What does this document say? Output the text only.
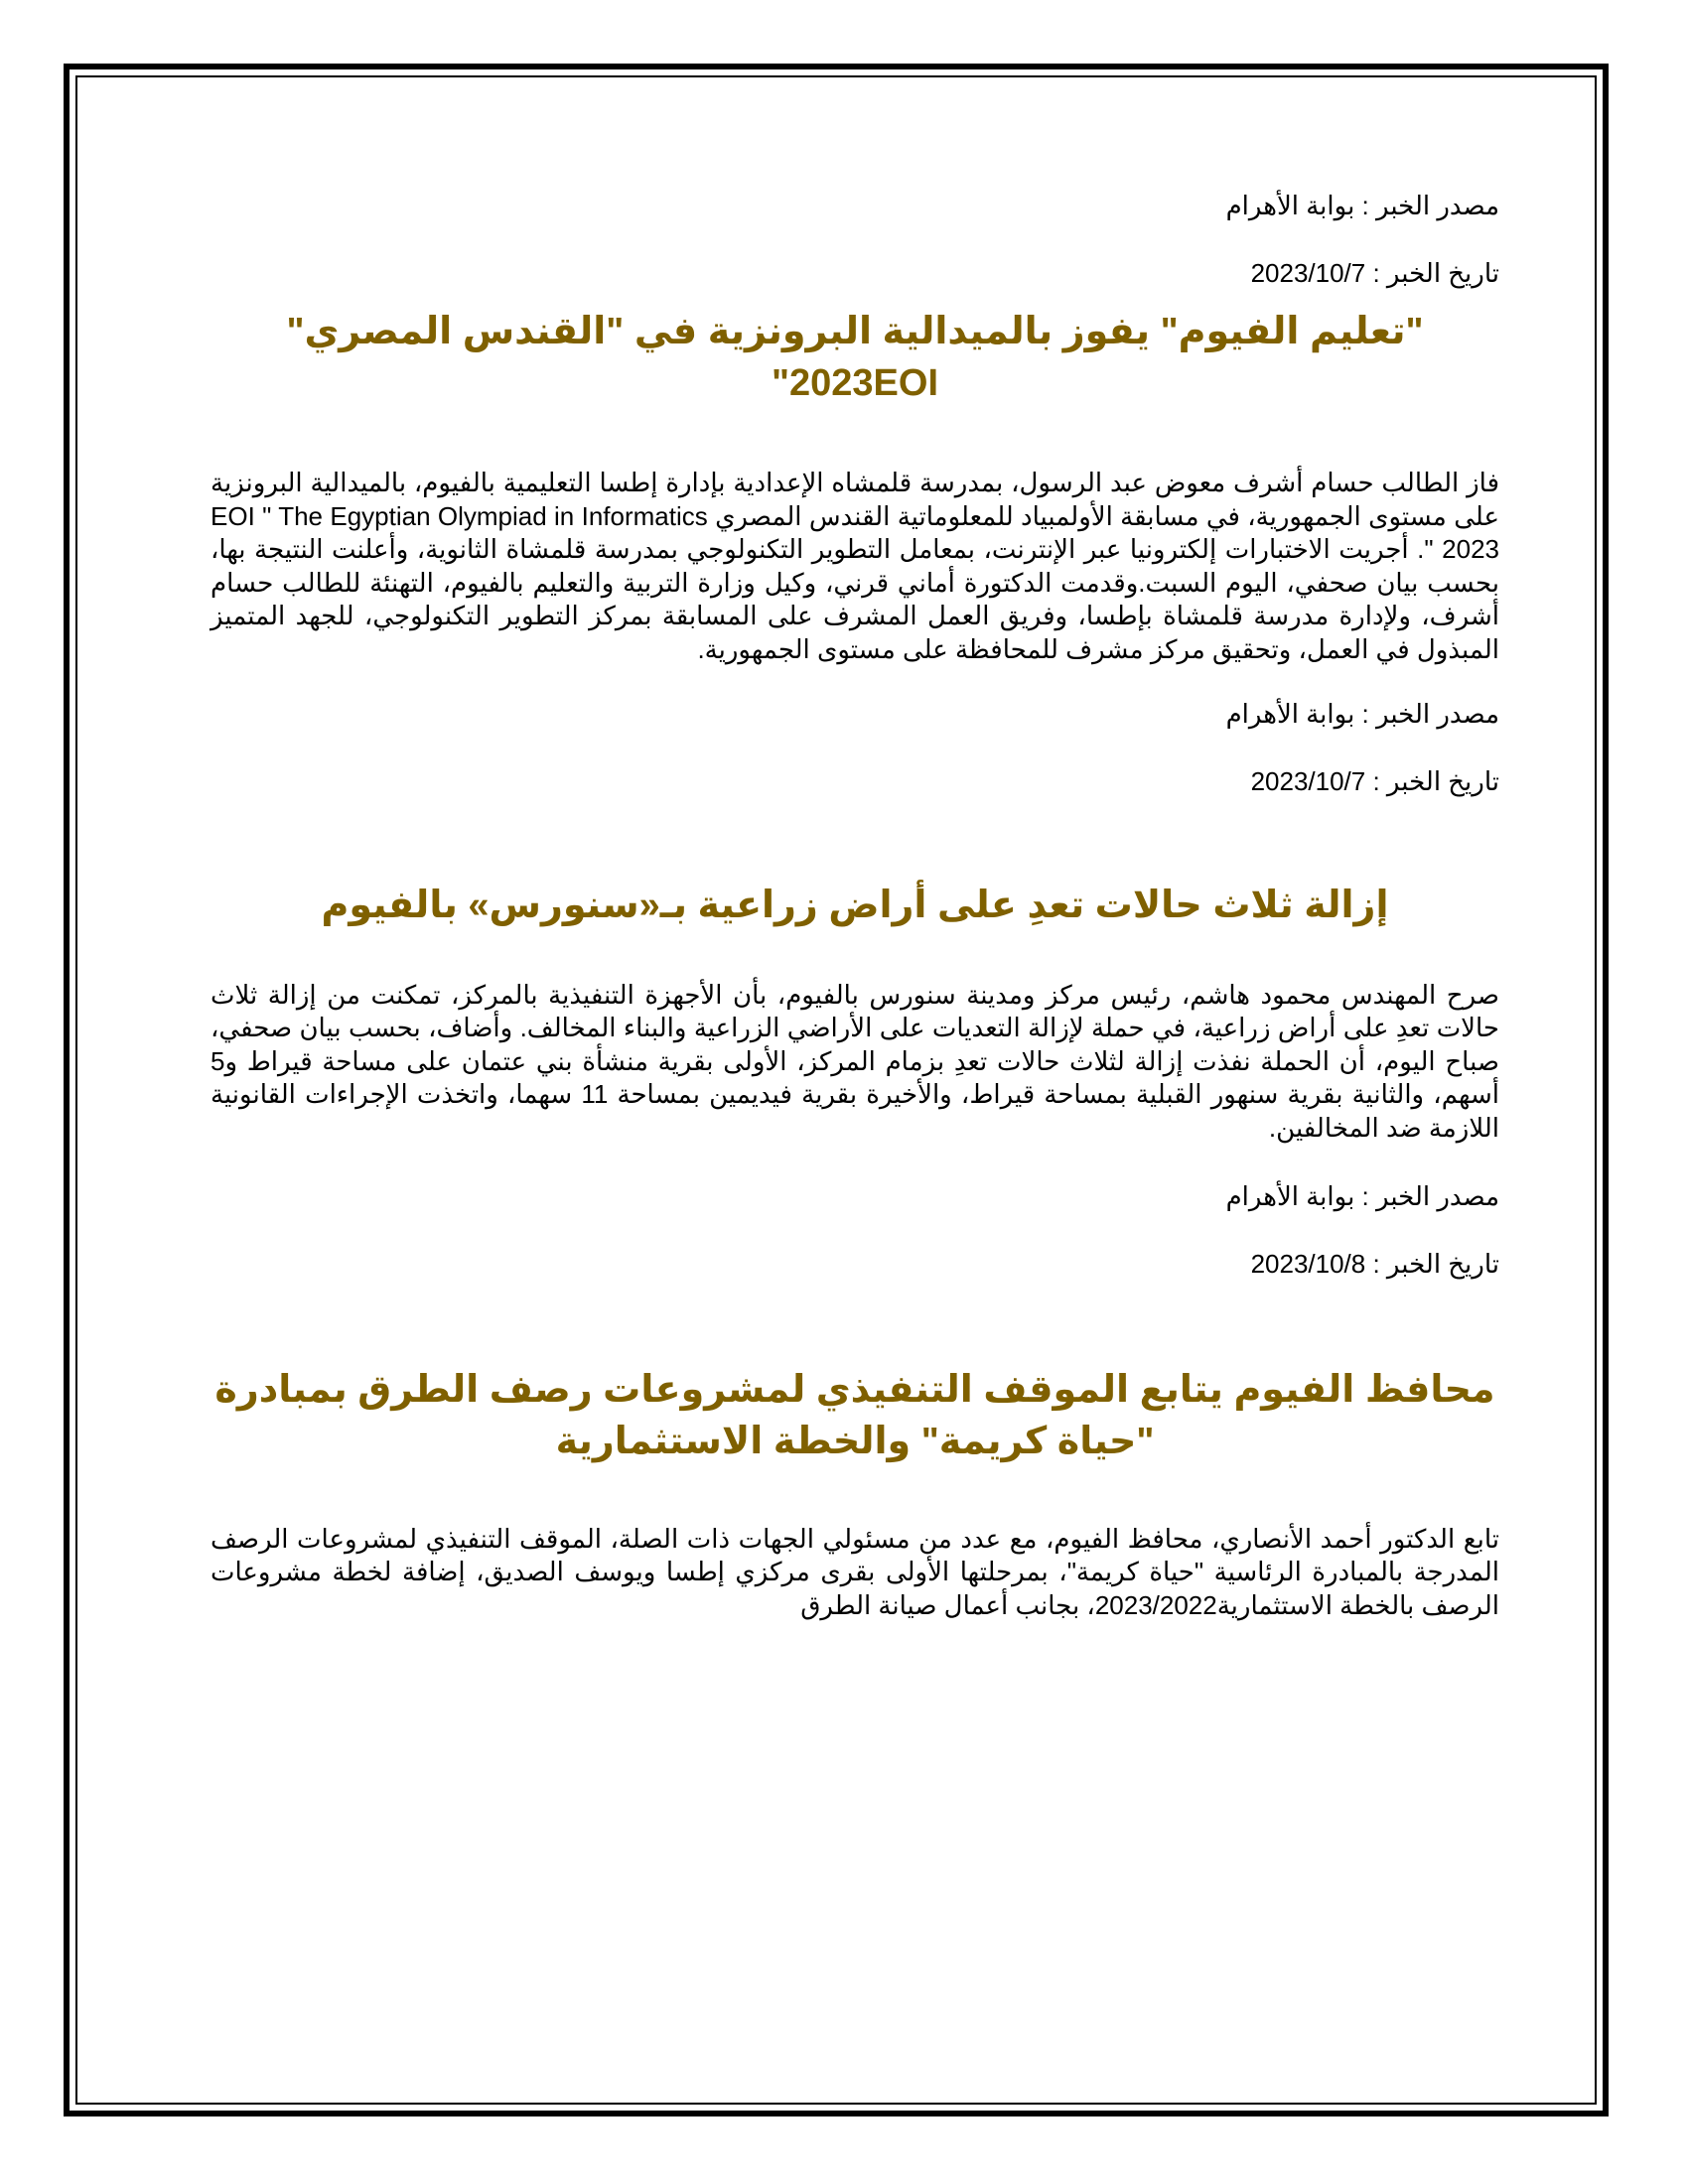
مصدر الخبر : بوابة الأهرام

تاريخ الخبر : 2023/10/7

"تعليم الفيوم" يفوز بالميدالية البرونزية في "القندس المصري" 2023EOI"

فاز الطالب حسام أشرف معوض عبد الرسول، بمدرسة قلمشاه الإعدادية بإدارة إطسا التعليمية بالفيوم، بالميدالية البرونزية على مستوى الجمهورية، في مسابقة الأولمبياد للمعلوماتية القندس المصري EOI " The Egyptian Olympiad in Informatics 2023 ". أجريت الاختبارات إلكترونيا عبر الإنترنت، بمعامل التطوير التكنولوجي بمدرسة قلمشاة الثانوية، وأعلنت النتيجة بها، بحسب بيان صحفي، اليوم السبت.وقدمت الدكتورة أماني قرني، وكيل وزارة التربية والتعليم بالفيوم، التهنئة للطالب حسام أشرف، ولإدارة مدرسة قلمشاة بإطسا، وفريق العمل المشرف على المسابقة بمركز التطوير التكنولوجي، للجهد المتميز المبذول في العمل، وتحقيق مركز مشرف للمحافظة على مستوى الجمهورية.

مصدر الخبر : بوابة الأهرام

تاريخ الخبر : 2023/10/7

إزالة ثلاث حالات تعدِ على أراض زراعية بـ«سنورس» بالفيوم

صرح المهندس محمود هاشم، رئيس مركز ومدينة سنورس بالفيوم، بأن الأجهزة التنفيذية بالمركز، تمكنت من إزالة ثلاث حالات تعدِ على أراض زراعية، في حملة لإزالة التعديات على الأراضي الزراعية والبناء المخالف. وأضاف، بحسب بيان صحفي، صباح اليوم، أن الحملة نفذت إزالة لثلاث حالات تعدِ بزمام المركز، الأولى بقرية منشأة بني عتمان على مساحة قيراط و5 أسهم، والثانية بقرية سنهور القبلية بمساحة قيراط، والأخيرة بقرية فيديمين بمساحة 11 سهما، واتخذت الإجراءات القانونية اللازمة ضد المخالفين.

مصدر الخبر : بوابة الأهرام

تاريخ الخبر : 2023/10/8

محافظ الفيوم يتابع الموقف التنفيذي لمشروعات رصف الطرق بمبادرة "حياة كريمة" والخطة الاستثمارية

تابع الدكتور أحمد الأنصاري، محافظ الفيوم، مع عدد من مسئولي الجهات ذات الصلة، الموقف التنفيذي لمشروعات الرصف المدرجة بالمبادرة الرئاسية "حياة كريمة"، بمرحلتها الأولى بقرى مركزي إطسا ويوسف الصديق، إضافة لخطة مشروعات الرصف بالخطة الاستثمارية2023/2022، بجانب أعمال صيانة الطرق
